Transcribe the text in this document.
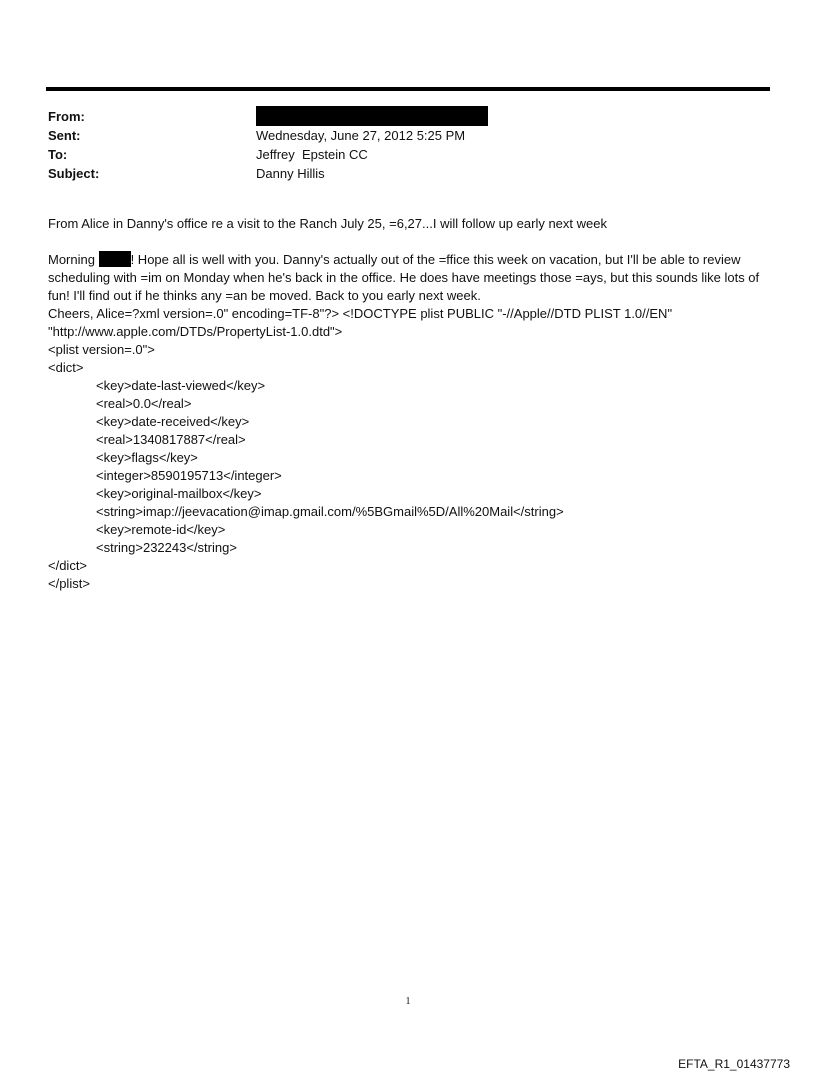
From:
Sent:	Wednesday, June 27, 2012 5:25 PM
To:	Jeffrey  Epstein CC
Subject:	Danny Hillis

From Alice in Danny's office re a visit to the Ranch July 25, =6,27...I will follow up early next week

Morning ! Hope all is well with you. Danny's actually out of the =ffice this week on vacation, but I'll be able to review scheduling with =im on Monday when he's back in the office. He does have meetings those =ays, but this sounds like lots of fun! I'll find out if he thinks any =an be moved. Back to you early next week.

Cheers, Alice=?xml version=.0" encoding=TF-8"?> <!DOCTYPE plist PUBLIC "-//Apple//DTD PLIST 1.0//EN"

"http://www.apple.com/DTDs/PropertyList-1.0.dtd">

<plist version=.0">

<dict>

<key>date-last-viewed</key>

<real>0.0</real>

<key>date-received</key>

<real>1340817887</real>

<key>flags</key>

<integer>8590195713</integer>

<key>original-mailbox</key>

<string>imap://jeevacation@imap.gmail.com/%5BGmail%5D/All%20Mail</string>

<key>remote-id</key>

<string>232243</string>

</dict>

</plist>

1
EFTA_R1_01437773
